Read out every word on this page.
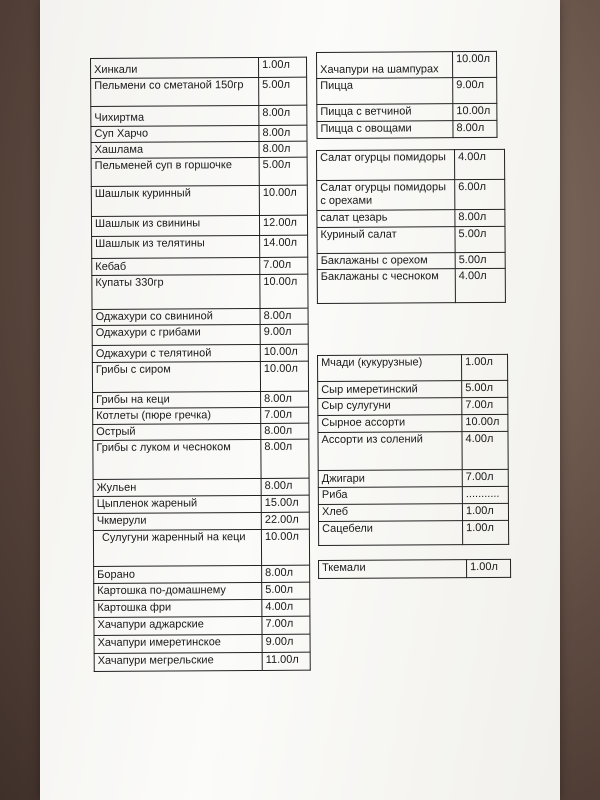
Хинкали	1.00л
Пельмени со сметаной 150гр	5.00л
Чихиртма	8.00л
Суп Харчо	8.00л
Хашлама	8.00л
Пельменей суп в горшочке	5.00л
Шашлык куринный	10.00л
Шашлык из свинины	12.00л
Шашлык из телятины	14.00л
Кебаб	7.00л
Купаты 330гр	10.00л
Оджахури со свининой	8.00л
Оджахури с грибами	9.00л
Оджахури с телятиной	10.00л
Грибы с сиром	10.00л
Грибы на кеци	8.00л
Котлеты (пюре гречка)	7.00л
Острый	8.00л
Грибы с луком и чесноком	8.00л
Жульен	8.00л
Цыпленок жареный	15.00л
Чкмерули	22.00л
Сулугуни жаренный на кеци	10.00л
Борано	8.00л
Картошка по-домашнему	5.00л
Картошка фри	4.00л
Хачапури аджарские	7.00л
Хачапури имеретинское	9.00л
Хачапури мегрельские	11.00л
Хачапури на шампурах	10.00л
Пицца	9.00л
Пицца с ветчиной	10.00л
Пицца с овощами	8.00л
Салат огурцы помидоры	4.00л
Салат огурцы помидоры с орехами	6.00л
салат цезарь	8.00л
Куриный салат	5.00л
Баклажаны с орехом	5.00л
Баклажаны с чесноком	4.00л
Мчади (кукурузные)	1.00л
Сыр имеретинский	5.00л
Сыр сулугуни	7.00л
Сырное ассорти	10.00л
Ассорти из солений	4.00л
Джигари	7.00л
Риба	...........
Хлеб	1.00л
Сацебели	1.00л
Ткемали	1.00л
